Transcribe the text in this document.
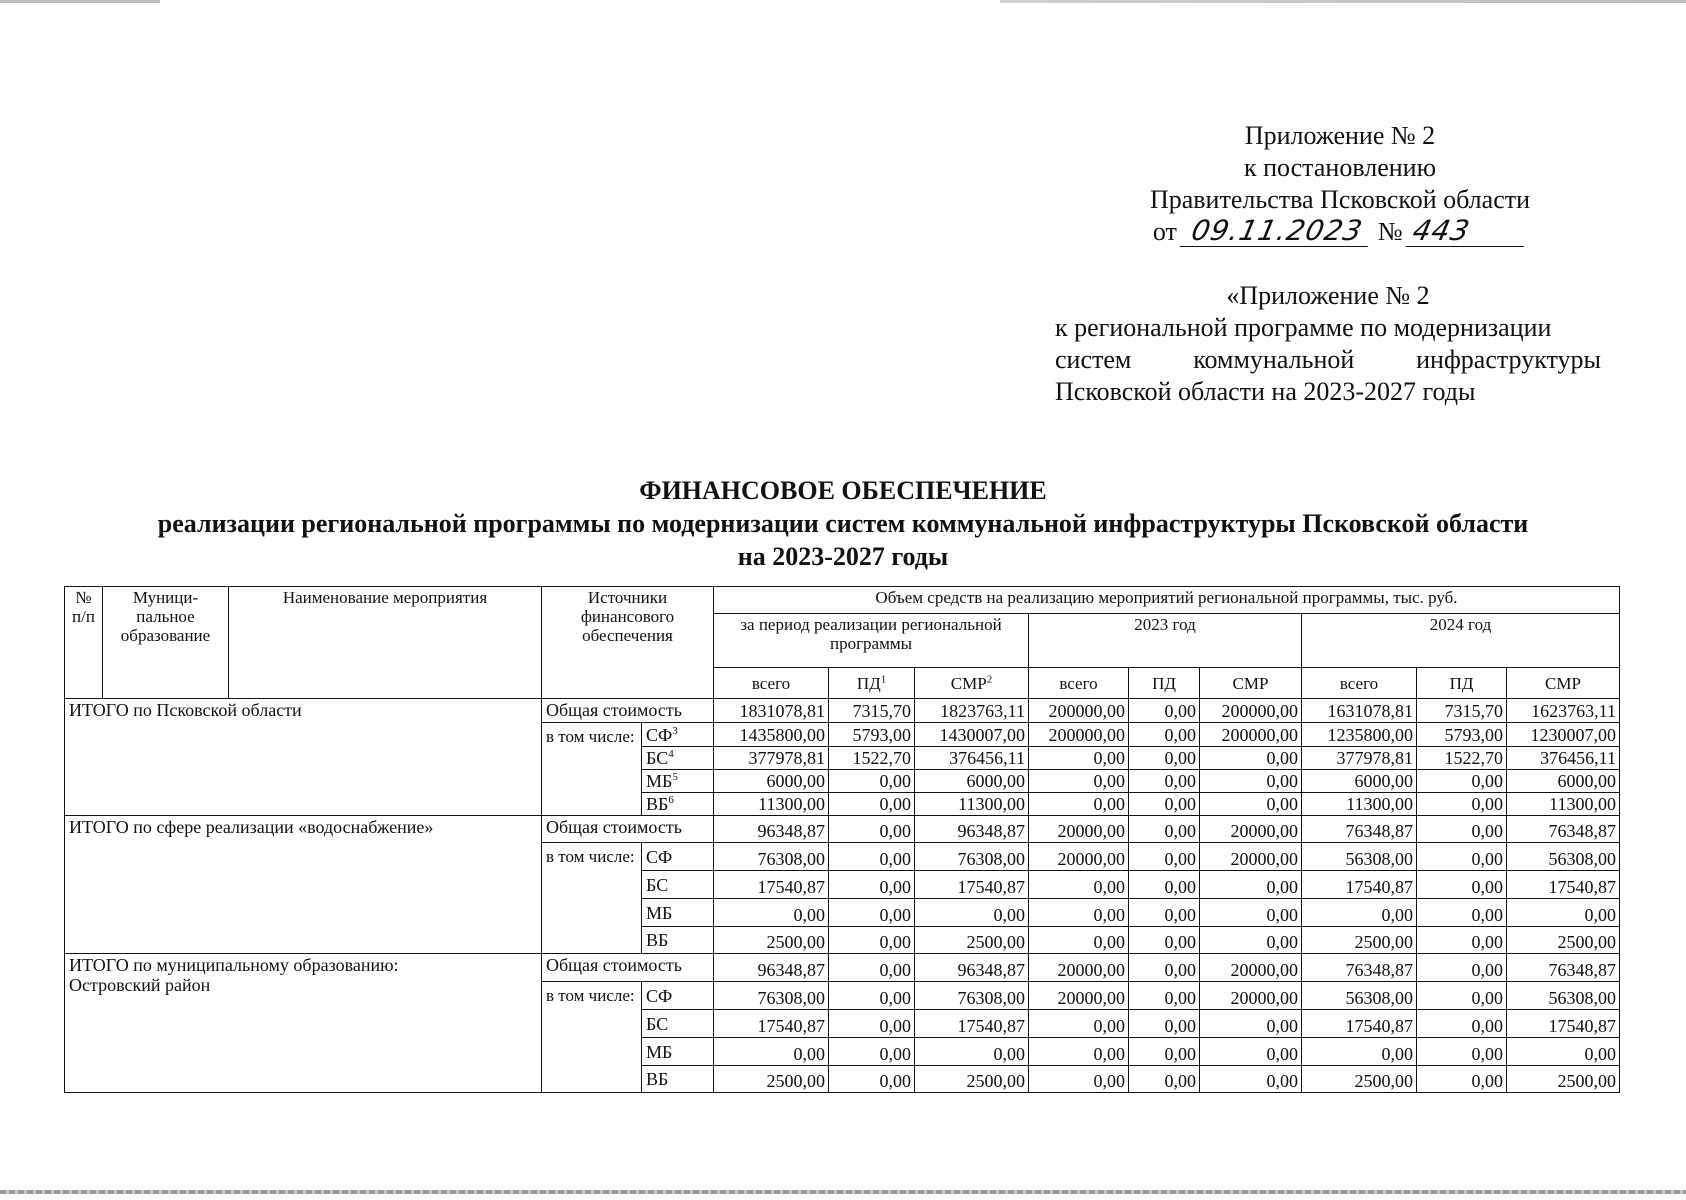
Приложение № 2
к постановлению
Правительства Псковской области
от 09.11.2023 № 443
«Приложение № 2
к региональной программе по модернизации
систем коммунальной инфраструктуры
Псковской области на 2023-2027 годы
ФИНАНСОВОЕ ОБЕСПЕЧЕНИЕ
реализации региональной программы по модернизации систем коммунальной инфраструктуры Псковской области
на 2023-2027 годы
№ п/п	Муници-пальное образование	Наименование мероприятия	Источники финансового обеспечения		Объем средств на реализацию мероприятий региональной программы, тыс. руб.								
					за период реализации региональной программы			2023 год			2024 год		
					всего	$ПД^1$	СМР$^2$	всего	ПД	СМР	всего	ПД	СМР

ИТОГО по Псковской области			Общая стоимость		1831078,81	7315,70	1823763,11	200000,00	0,00	200000,00	1631078,81	7315,70	1623763,11
			в том числе:	$СФ^3$	1435800,00	5793,00	1430007,00	200000,00	0,00	200000,00	1235800,00	5793,00	1230007,00
				$БС^4$	377978,81	1522,70	376456,11	0,00	0,00	0,00	377978,81	1522,70	376456,11
				$МБ^5$	6000,00	0,00	6000,00	0,00	0,00	0,00	6000,00	0,00	6000,00
				$ВБ^6$	11300,00	0,00	11300,00	0,00	0,00	0,00	11300,00	0,00	11300,00

ИТОГО по сфере реализации «водоснабжение»			Общая стоимость		96348,87	0,00	96348,87	20000,00	0,00	20000,00	76348,87	0,00	76348,87
			в том числе:	СФ	76308,00	0,00	76308,00	20000,00	0,00	20000,00	56308,00	0,00	56308,00
				БС	17540,87	0,00	17540,87	0,00	0,00	0,00	17540,87	0,00	17540,87
				МБ	0,00	0,00	0,00	0,00	0,00	0,00	0,00	0,00	0,00
				ВБ	2500,00	0,00	2500,00	0,00	0,00	0,00	2500,00	0,00	2500,00

ИТОГО по муниципальному образованию:
Островский район			Общая стоимость		96348,87	0,00	96348,87	20000,00	0,00	20000,00	76348,87	0,00	76348,87
			в том числе:	СФ	76308,00	0,00	76308,00	20000,00	0,00	20000,00	56308,00	0,00	56308,00
				БС	17540,87	0,00	17540,87	0,00	0,00	0,00	17540,87	0,00	17540,87
				МБ	0,00	0,00	0,00	0,00	0,00	0,00	0,00	0,00	0,00
				ВБ	2500,00	0,00	2500,00	0,00	0,00	0,00	2500,00	0,00	2500,00
